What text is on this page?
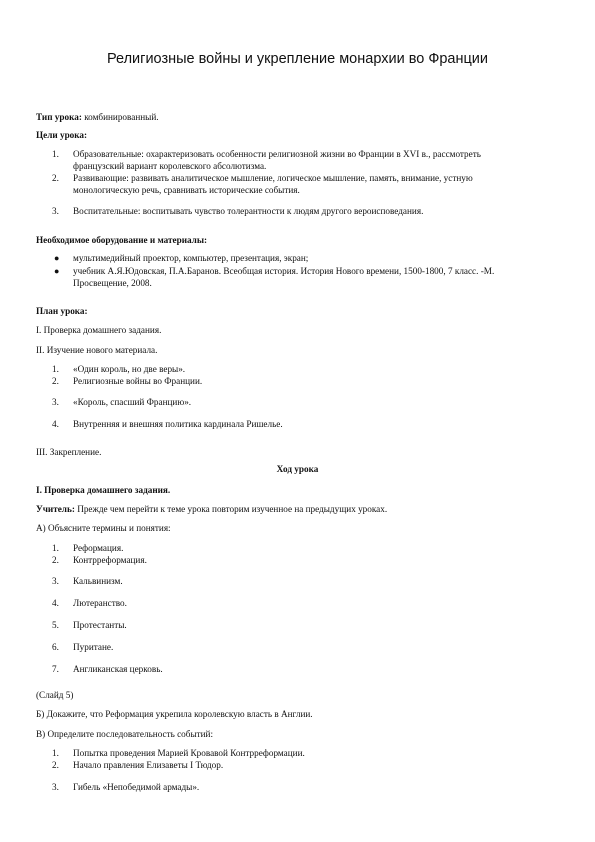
Религиозные войны и укрепление монархии во Франции

Тип урока: комбинированный.

Цели урока:

1. Образовательные: охарактеризовать особенности религиозной жизни во Франции в XVI в., рассмотреть

французский вариант королевского абсолютизма.

2. Развивающие: развивать аналитическое мышление, логическое мышление, память, внимание, устную

монологическую речь, сравнивать исторические события.

3. Воспитательные: воспитывать чувство толерантности к людям другого вероисповедания.

Необходимое оборудование и материалы:

● мультимедийный проектор, компьютер, презентация, экран;

● учебник А.Я.Юдовская, П.А.Баранов. Всеобщая история. История Нового времени, 1500-1800, 7 класс. -М.

Просвещение, 2008.

План урока:

I. Проверка домашнего задания.

II. Изучение нового материала.

1. «Один король, но две веры».

2. Религиозные войны во Франции.

3. «Король, спасший Францию».

4. Внутренняя и внешняя политика кардинала Ришелье.

III. Закрепление.

Ход урока

I. Проверка домашнего задания.

Учитель: Прежде чем перейти к теме урока повторим изученное на предыдущих уроках.

А) Объясните термины и понятия:

1. Реформация.

2. Контрреформация.

3. Кальвинизм.

4. Лютеранство.

5. Протестанты.

6. Пуритане.

7. Англиканская церковь.

(Слайд 5)

Б) Докажите, что Реформация укрепила королевскую власть в Англии.

В) Определите последовательность событий:

1. Попытка проведения Марией Кровавой Контрреформации.

2. Начало правления Елизаветы I Тюдор.

3. Гибель «Непобедимой армады».
